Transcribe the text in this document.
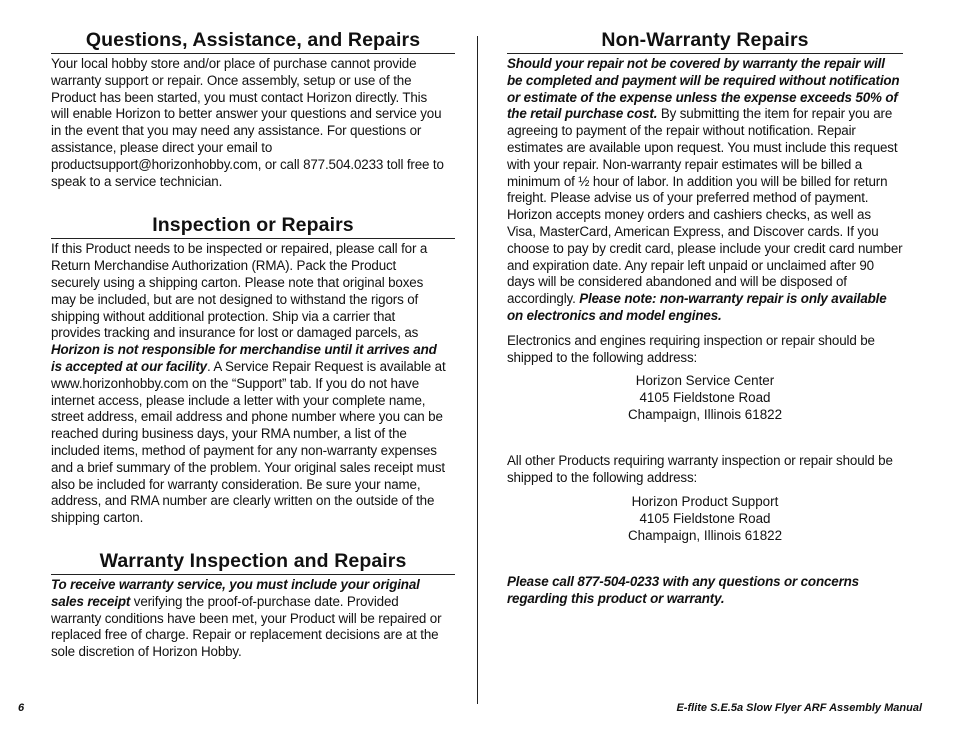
Questions, Assistance, and Repairs

Your local hobby store and/or place of purchase cannot provide warranty support or repair. Once assembly, setup or use of the Product has been started, you must contact Horizon directly. This will enable Horizon to better answer your questions and service you in the event that you may need any assistance. For questions or assistance, please direct your email to productsupport@horizonhobby.com, or call 877.504.0233 toll free to speak to a service technician.

Inspection or Repairs

If this Product needs to be inspected or repaired, please call for a Return Merchandise Authorization (RMA). Pack the Product securely using a shipping carton. Please note that original boxes may be included, but are not designed to withstand the rigors of shipping without additional protection. Ship via a carrier that provides tracking and insurance for lost or damaged parcels, as Horizon is not responsible for merchandise until it arrives and is accepted at our facility. A Service Repair Request is available at www.horizonhobby.com on the “Support” tab. If you do not have internet access, please include a letter with your complete name, street address, email address and phone number where you can be reached during business days, your RMA number, a list of the included items, method of payment for any non-warranty expenses and a brief summary of the problem. Your original sales receipt must also be included for warranty consideration. Be sure your name, address, and RMA number are clearly written on the outside of the shipping carton.

Warranty Inspection and Repairs

To receive warranty service, you must include your original sales receipt verifying the proof-of-purchase date. Provided warranty conditions have been met, your Product will be repaired or replaced free of charge. Repair or replacement decisions are at the sole discretion of Horizon Hobby.

Non-Warranty Repairs

Should your repair not be covered by warranty the repair will be completed and payment will be required without notification or estimate of the expense unless the expense exceeds 50% of the retail purchase cost. By submitting the item for repair you are agreeing to payment of the repair without notification. Repair estimates are available upon request. You must include this request with your repair. Non-warranty repair estimates will be billed a minimum of ½ hour of labor. In addition you will be billed for return freight. Please advise us of your preferred method of payment. Horizon accepts money orders and cashiers checks, as well as Visa, MasterCard, American Express, and Discover cards. If you choose to pay by credit card, please include your credit card number and expiration date. Any repair left unpaid or unclaimed after 90 days will be considered abandoned and will be disposed of accordingly. Please note: non-warranty repair is only available on electronics and model engines.

Electronics and engines requiring inspection or repair should be shipped to the following address:

Horizon Service Center
4105 Fieldstone Road
Champaign, Illinois 61822

All other Products requiring warranty inspection or repair should be shipped to the following address:

Horizon Product Support
4105 Fieldstone Road
Champaign, Illinois 61822

Please call 877-504-0233 with any questions or concerns regarding this product or warranty.

6	E-flite S.E.5a Slow Flyer ARF Assembly Manual
